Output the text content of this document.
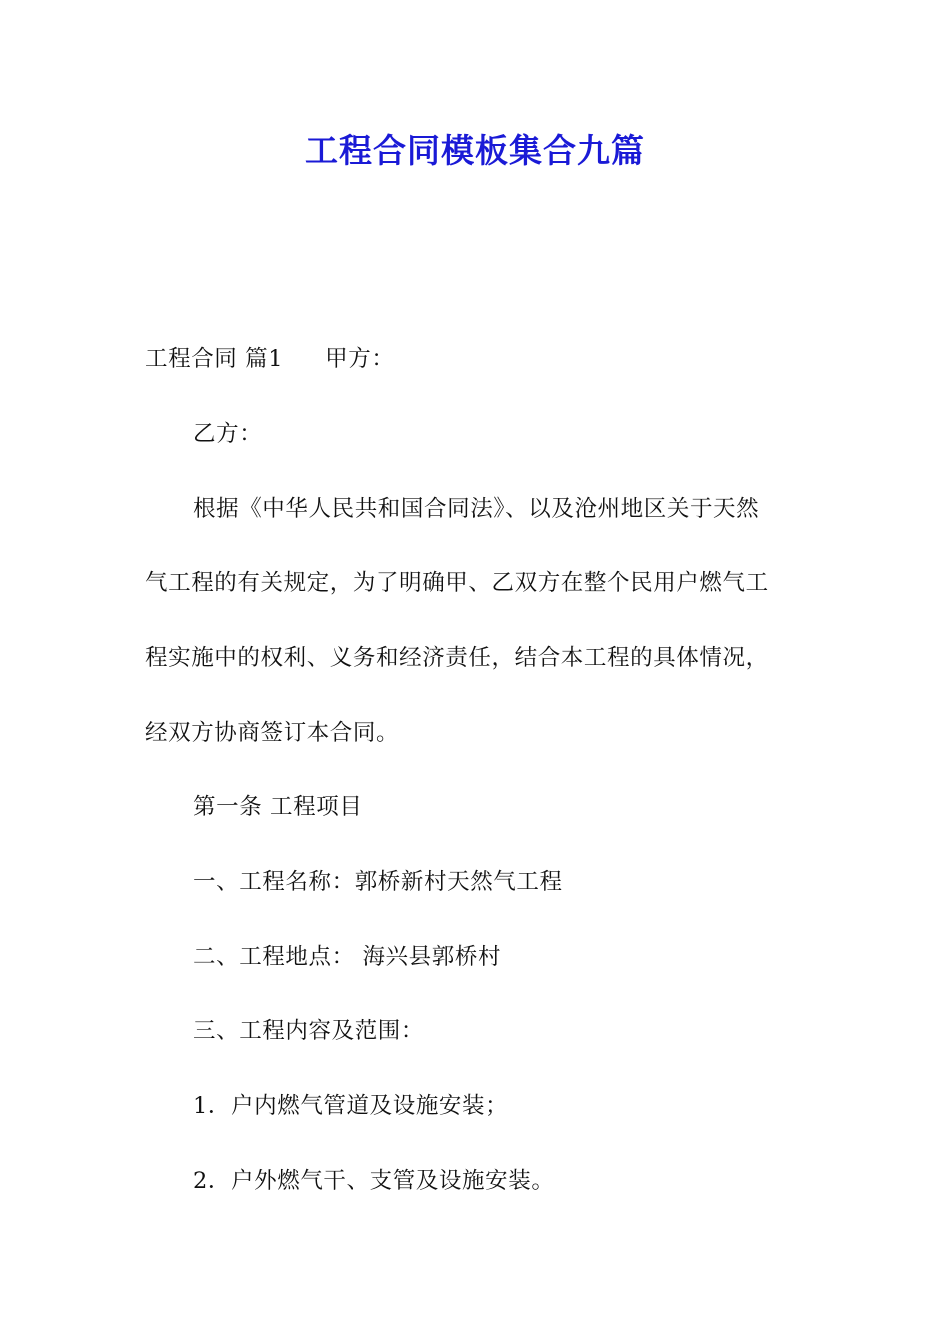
工程合同模板集合九篇
工程合同 篇1 甲方：
乙方：
根据《中华人民共和国合同法》、以及沧州地区关于天然
气工程的有关规定，为了明确甲、乙双方在整个民用户燃气工
程实施中的权利、义务和经济责任，结合本工程的具体情况，
经双方协商签订本合同。
第一条 工程项目
一、工程名称：郭桥新村天然气工程
二、工程地点： 海兴县郭桥村
三、工程内容及范围：
1．户内燃气管道及设施安装；
2．户外燃气干、支管及设施安装。
